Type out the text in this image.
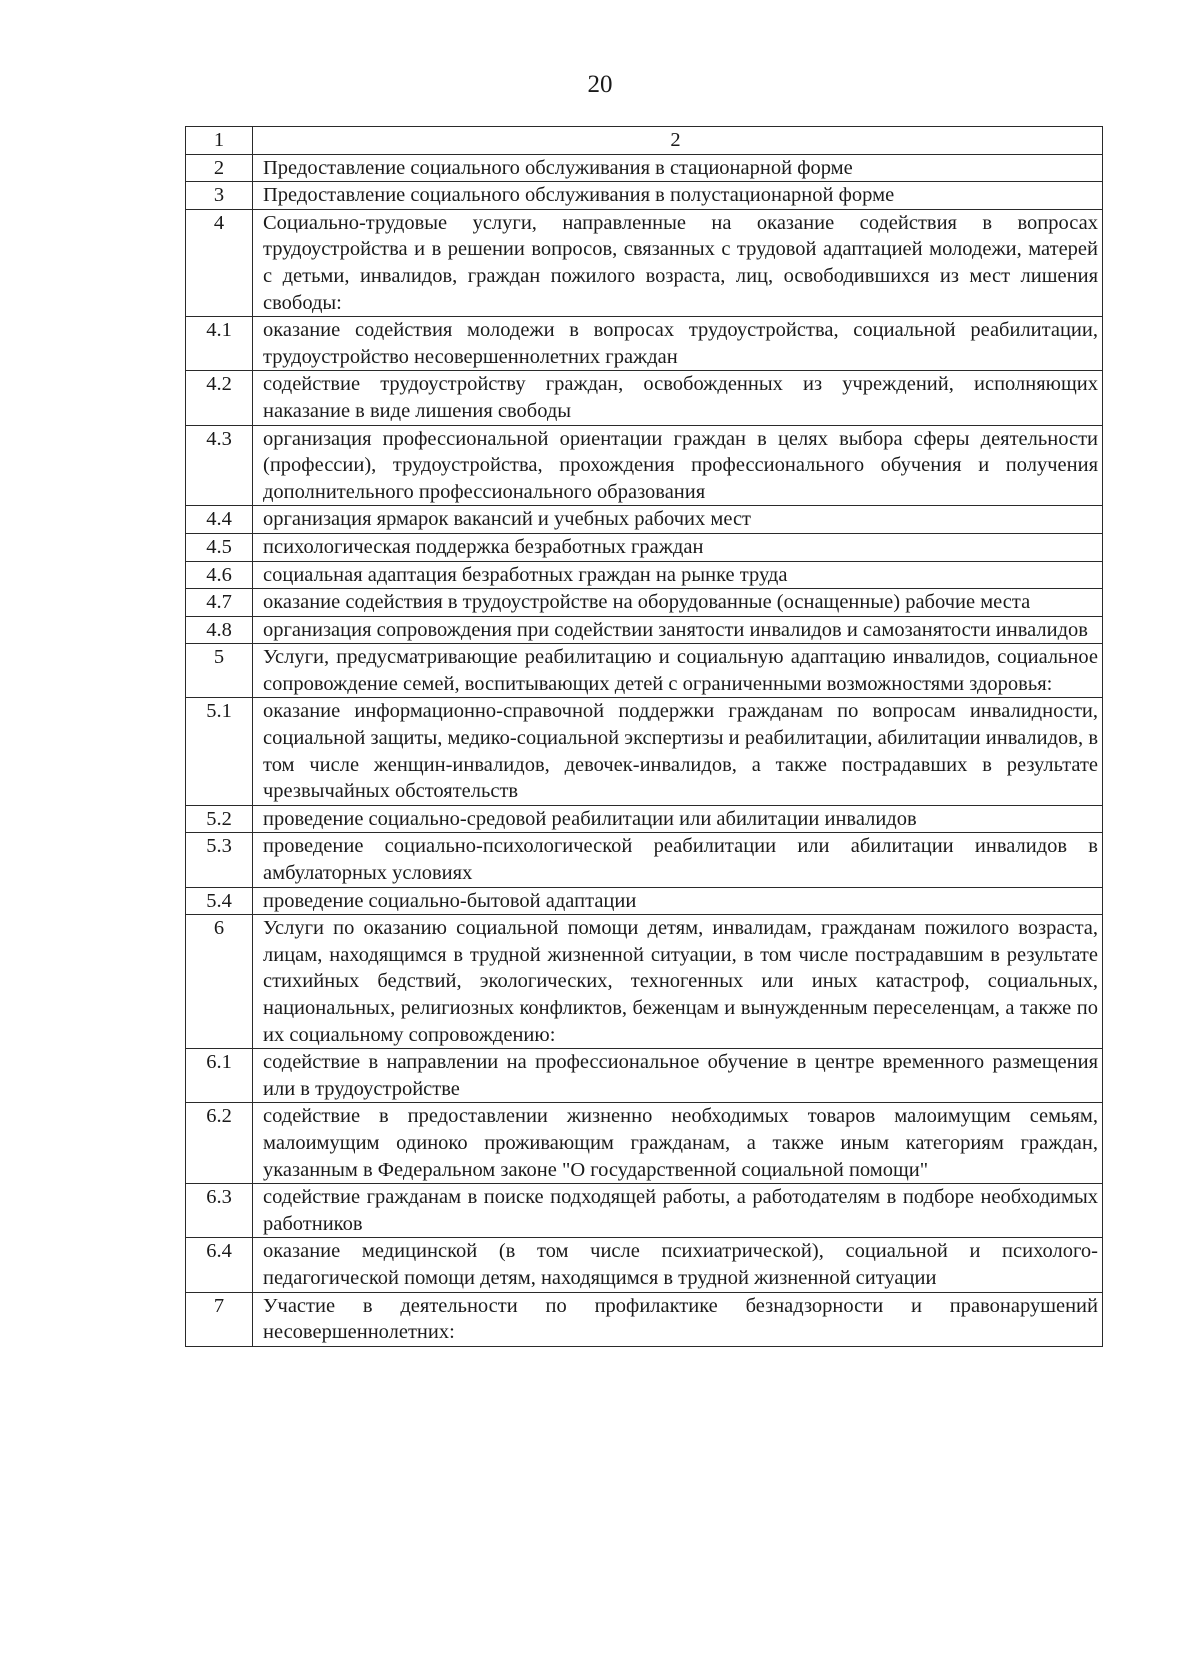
20
1	2
2	Предоставление социального обслуживания в стационарной форме

3	Предоставление социального обслуживания в полустационарной форме

4	Социально-трудовые услуги, направленные на оказание содействия в вопросах трудоустройства и в решении вопросов, связанных с трудовой адаптацией молодежи, матерей с детьми, инвалидов, граждан пожилого возраста, лиц, освободившихся из мест лишения свободы:

4.1	оказание содействия молодежи в вопросах трудоустройства, социальной реабилитации, трудоустройство несовершеннолетних граждан

4.2	содействие трудоустройству граждан, освобожденных из учреждений, исполняющих наказание в виде лишения свободы

4.3	организация профессиональной ориентации граждан в целях выбора сферы деятельности (профессии), трудоустройства, прохождения профессионального обучения и получения дополнительного профессионального образования

4.4	организация ярмарок вакансий и учебных рабочих мест

4.5	психологическая поддержка безработных граждан

4.6	социальная адаптация безработных граждан на рынке труда

4.7	оказание содействия в трудоустройстве на оборудованные (оснащенные) рабочие места

4.8	организация сопровождения при содействии занятости инвалидов и самозанятости инвалидов

5	Услуги, предусматривающие реабилитацию и социальную адаптацию инвалидов, социальное сопровождение семей, воспитывающих детей с ограниченными возможностями здоровья:

5.1	оказание информационно-справочной поддержки гражданам по вопросам инвалидности, социальной защиты, медико-социальной экспертизы и реабилитации, абилитации инвалидов, в том числе женщин-инвалидов, девочек-инвалидов, а также пострадавших в результате чрезвычайных обстоятельств

5.2	проведение социально-средовой реабилитации или абилитации инвалидов

5.3	проведение социально-психологической реабилитации или абилитации инвалидов в амбулаторных условиях

5.4	проведение социально-бытовой адаптации

6	Услуги по оказанию социальной помощи детям, инвалидам, гражданам пожилого возраста, лицам, находящимся в трудной жизненной ситуации, в том числе пострадавшим в результате стихийных бедствий, экологических, техногенных или иных катастроф, социальных, национальных, религиозных конфликтов, беженцам и вынужденным переселенцам, а также по их социальному сопровождению:

6.1	содействие в направлении на профессиональное обучение в центре временного размещения или в трудоустройстве

6.2	содействие в предоставлении жизненно необходимых товаров малоимущим семьям, малоимущим одиноко проживающим гражданам, а также иным категориям граждан, указанным в Федеральном законе "О государственной социальной помощи"

6.3	содействие гражданам в поиске подходящей работы, а работодателям в подборе необходимых работников

6.4	оказание медицинской (в том числе психиатрической), социальной и психолого-педагогической помощи детям, находящимся в трудной жизненной ситуации

7	Участие в деятельности по профилактике безнадзорности и правонарушений несовершеннолетних:
